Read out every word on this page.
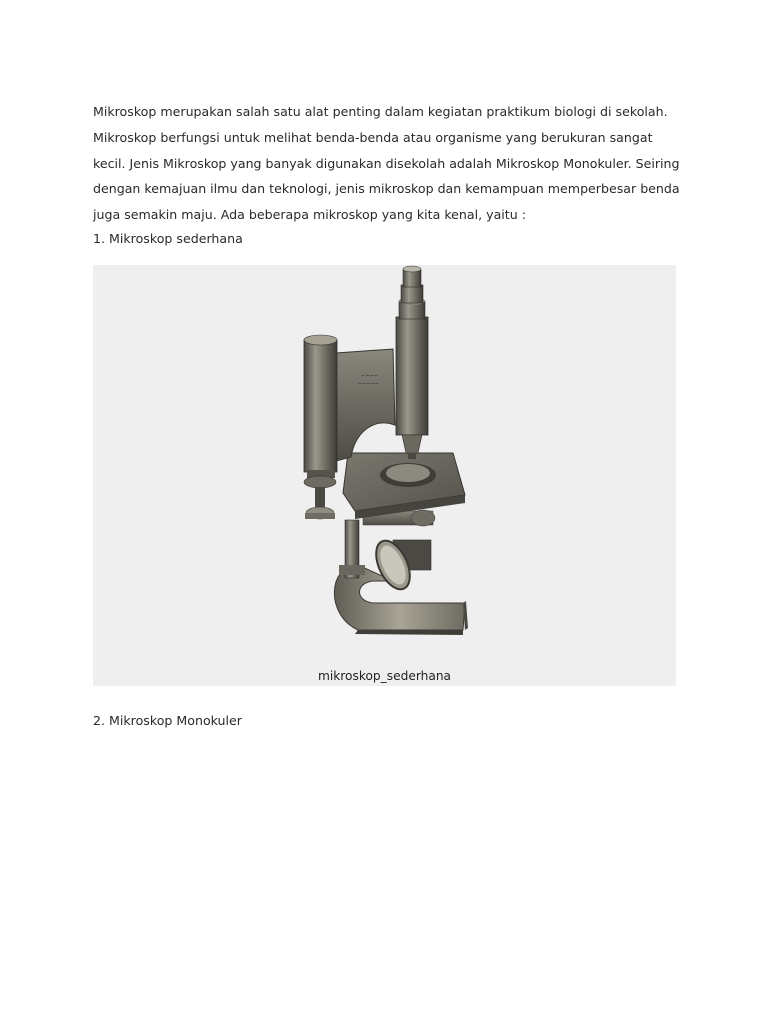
Mikroskop merupakan salah satu alat penting dalam kegiatan praktikum biologi di sekolah.
Mikroskop berfungsi untuk melihat benda-benda atau organisme yang berukuran sangat
kecil. Jenis Mikroskop yang banyak digunakan disekolah adalah Mikroskop Monokuler. Seiring
dengan kemajuan ilmu dan teknologi, jenis mikroskop dan kemampuan memperbesar benda
juga semakin maju. Ada beberapa mikroskop yang kita kenal, yaitu :
1. Mikroskop sederhana
~~~~
~~~~~
mikroskop_sederhana
2. Mikroskop Monokuler
